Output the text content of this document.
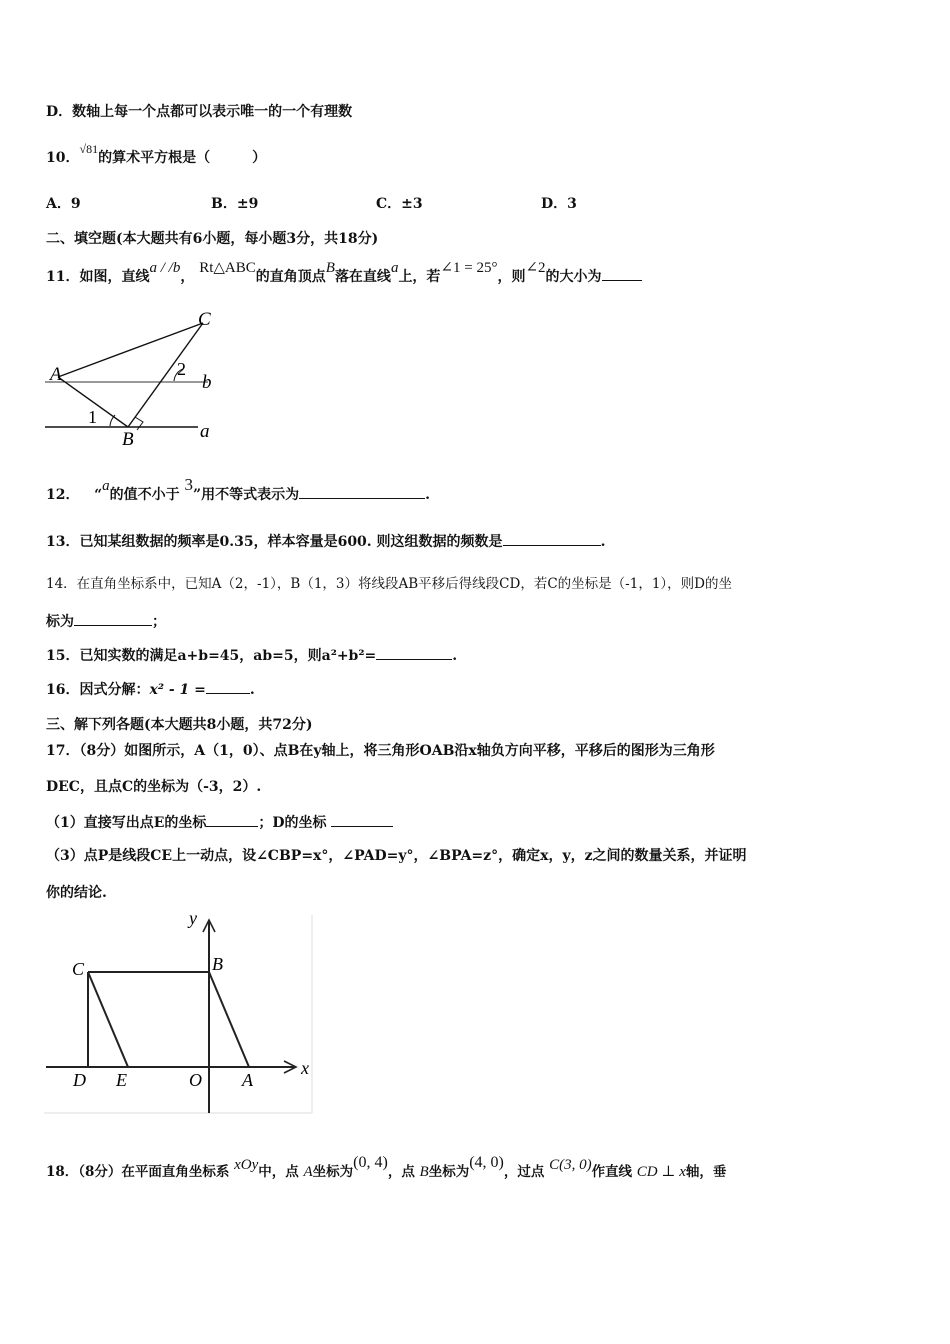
D．数轴上每一个点都可以表示唯一的一个有理数
10．√81的算术平方根是（　　　）
A．9	B．±9	C．±3	D．3
二、填空题(本大题共有6小题，每小题3分，共18分)
11．如图，直线a / /b， Rt△ABC的直角顶点B落在直线a上，若∠1 = 25°，则∠2的大小为
A
B
C
a
b
1
2
12． “a的值不小于 3”用不等式表示为	.
13．已知某组数据的频率是0.35，样本容量是600. 则这组数据的频数是	.
14．在直角坐标系中，已知A（2，-1），B（1，3）将线段AB平移后得线段CD，若C的坐标是（-1，1），则D的坐
标为	；
15．已知实数的满足a+b=45，ab=5，则a²+b²=	.
16．因式分解：x² - 1 =	.
三、解下列各题(本大题共8小题，共72分)
17．（8分）如图所示，A（1，0）、点B在y轴上，将三角形OAB沿x轴负方向平移，平移后的图形为三角形
DEC，且点C的坐标为（-3，2）.
（1）直接写出点E的坐标	；D的坐标
（3）点P是线段CE上一动点，设∠CBP=x°，∠PAD=y°，∠BPA=z°，确定x，y，z之间的数量关系，并证明
你的结论.
y
x
C	B
D E	O A
18．（8分）在平面直角坐标系 xOy中，点 A坐标为(0, 4)，点 B坐标为(4, 0)，过点 C(3, 0)作直线 CD ⊥ x轴，垂
